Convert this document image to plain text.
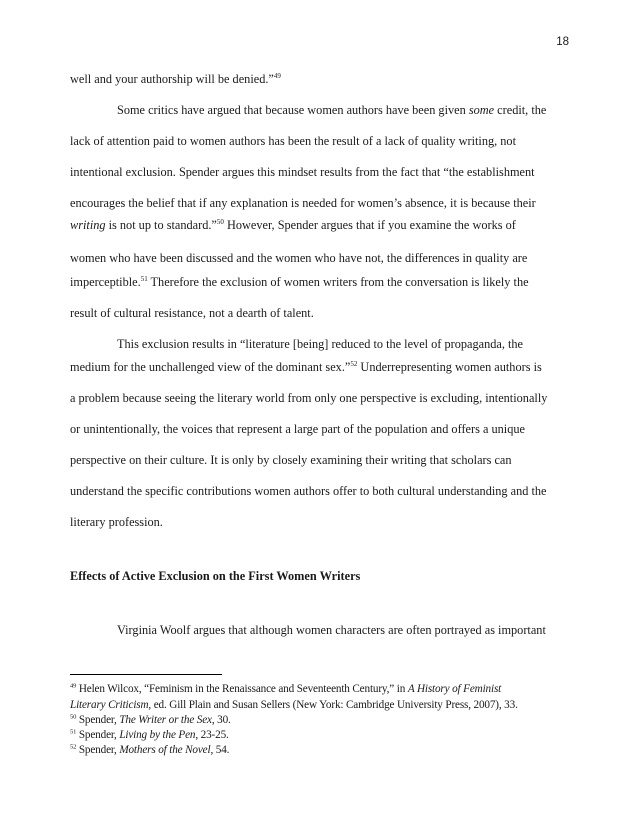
18
well and your authorship will be denied.”$^{49}$
Some critics have argued that because women authors have been given some credit, the
lack of attention paid to women authors has been the result of a lack of quality writing, not
intentional exclusion. Spender argues this mindset results from the fact that “the establishment
encourages the belief that if any explanation is needed for women’s absence, it is because their
writing is not up to standard.”$^{50}$ However, Spender argues that if you examine the works of
women who have been discussed and the women who have not, the differences in quality are
imperceptible.$^{51}$ Therefore the exclusion of women writers from the conversation is likely the
result of cultural resistance, not a dearth of talent.
This exclusion results in “literature [being] reduced to the level of propaganda, the
medium for the unchallenged view of the dominant sex.”$^{52}$ Underrepresenting women authors is
a problem because seeing the literary world from only one perspective is excluding, intentionally
or unintentionally, the voices that represent a large part of the population and offers a unique
perspective on their culture. It is only by closely examining their writing that scholars can
understand the specific contributions women authors offer to both cultural understanding and the
literary profession.
Effects of Active Exclusion on the First Women Writers
Virginia Woolf argues that although women characters are often portrayed as important
$^{49}$ Helen Wilcox, “Feminism in the Renaissance and Seventeenth Century,” in A History of Feminist
Literary Criticism, ed. Gill Plain and Susan Sellers (New York: Cambridge University Press, 2007), 33.
$^{50}$ Spender, The Writer or the Sex, 30.
$^{51}$ Spender, Living by the Pen, 23-25.
$^{52}$ Spender, Mothers of the Novel, 54.
